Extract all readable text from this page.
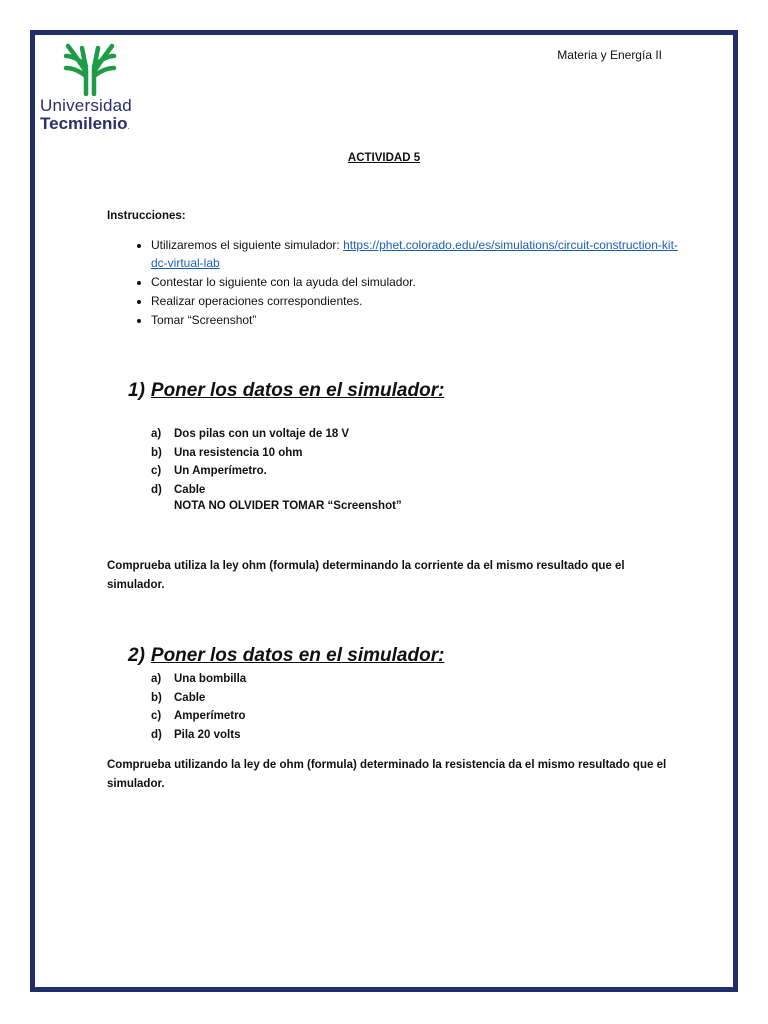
Universidad
Tecmilenio.
Materia y Energía II
ACTIVIDAD 5
Instrucciones:
• Utilizaremos el siguiente simulador: https://phet.colorado.edu/es/simulations/circuit-construction-kit-dc-virtual-lab
• Contestar lo siguiente con la ayuda del simulador.
• Realizar operaciones correspondientes.
• Tomar “Screenshot”
1) Poner los datos en el simulador:
a) Dos pilas con un voltaje de 18 V
b) Una resistencia 10 ohm
c) Un Amperímetro.
d) Cable
NOTA NO OLVIDER TOMAR “Screenshot”
Comprueba utiliza la ley ohm (formula) determinando la corriente da el mismo resultado que el simulador.
2) Poner los datos en el simulador:
a) Una bombilla
b) Cable
c) Amperímetro
d) Pila 20 volts
Comprueba utilizando la ley de ohm (formula) determinado la resistencia da el mismo resultado que el simulador.
